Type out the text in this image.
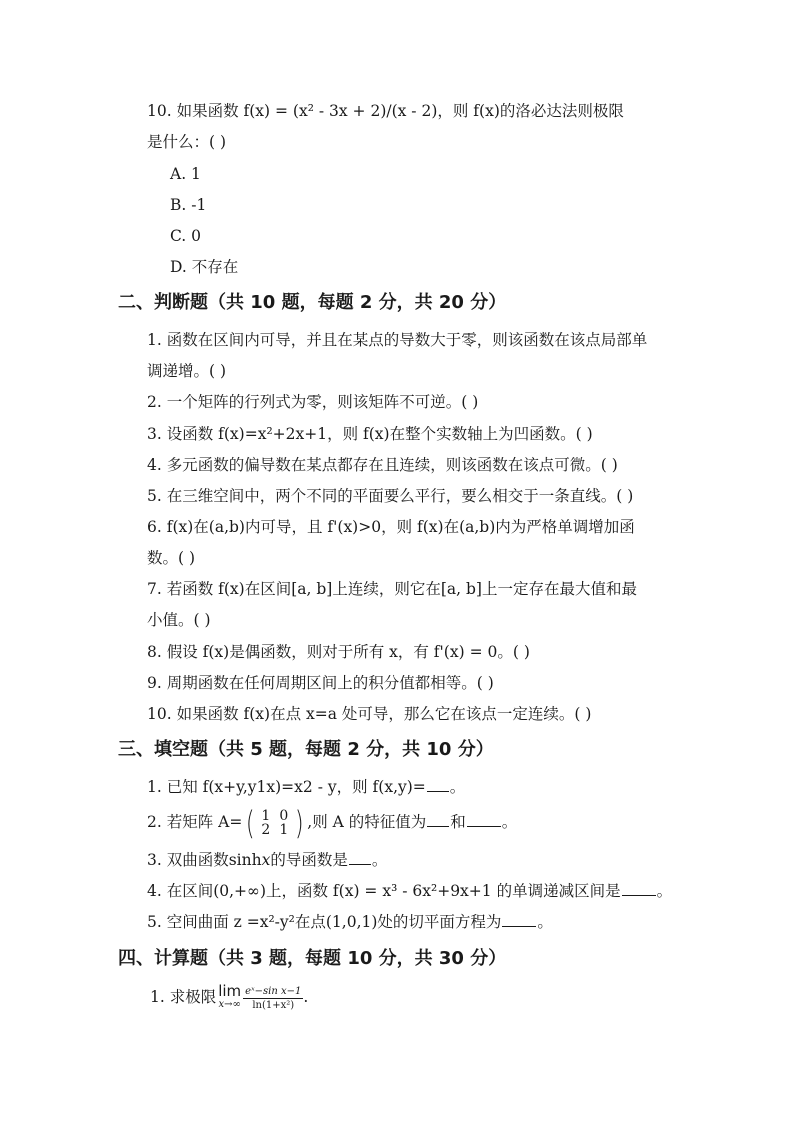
10. 如果函数 f(x) = (x² - 3x + 2)/(x - 2)，则 f(x)的洛必达法则极限
是什么：( )
A. 1
B. -1
C. 0
D. 不存在
二、判断题（共 10 题，每题 2 分，共 20 分）
1. 函数在区间内可导，并且在某点的导数大于零，则该函数在该点局部单
调递增。( )
2. 一个矩阵的行列式为零，则该矩阵不可逆。( )
3. 设函数 f(x)=x²+2x+1，则 f(x)在整个实数轴上为凹函数。( )
4. 多元函数的偏导数在某点都存在且连续，则该函数在该点可微。( )
5. 在三维空间中，两个不同的平面要么平行，要么相交于一条直线。( )
6. f(x)在(a,b)内可导，且 f'(x)>0，则 f(x)在(a,b)内为严格单调增加函
数。( )
7. 若函数 f(x)在区间[a, b]上连续，则它在[a, b]上一定存在最大值和最
小值。( )
8. 假设 f(x)是偶函数，则对于所有 x，有 f'(x) = 0。( )
9. 周期函数在任何周期区间上的积分值都相等。( )
10. 如果函数 f(x)在点 x=a 处可导，那么它在该点一定连续。( )
三、填空题（共 5 题，每题 2 分，共 10 分）
1. 已知 f(x+y,y1x)=x2 - y，则 f(x,y)= 。
2. 若矩阵 A= ( 1 0
2 1 ) ,则 A 的特征值为 和 。
3. 双曲函数sinhx的导函数是 。
4. 在区间(0,+∞)上，函数 f(x) = x³ - 6x²+9x+1 的单调递减区间是 。
5. 空间曲面 z =x²-y²在点(1,0,1)处的切平面方程为 。
四、计算题（共 3 题，每题 10 分，共 30 分）
1. 求极限 lim
$x\to\infty \frac{\text{eˣ−sin x−1}}{\text{ln(1+x²)}}$ .
